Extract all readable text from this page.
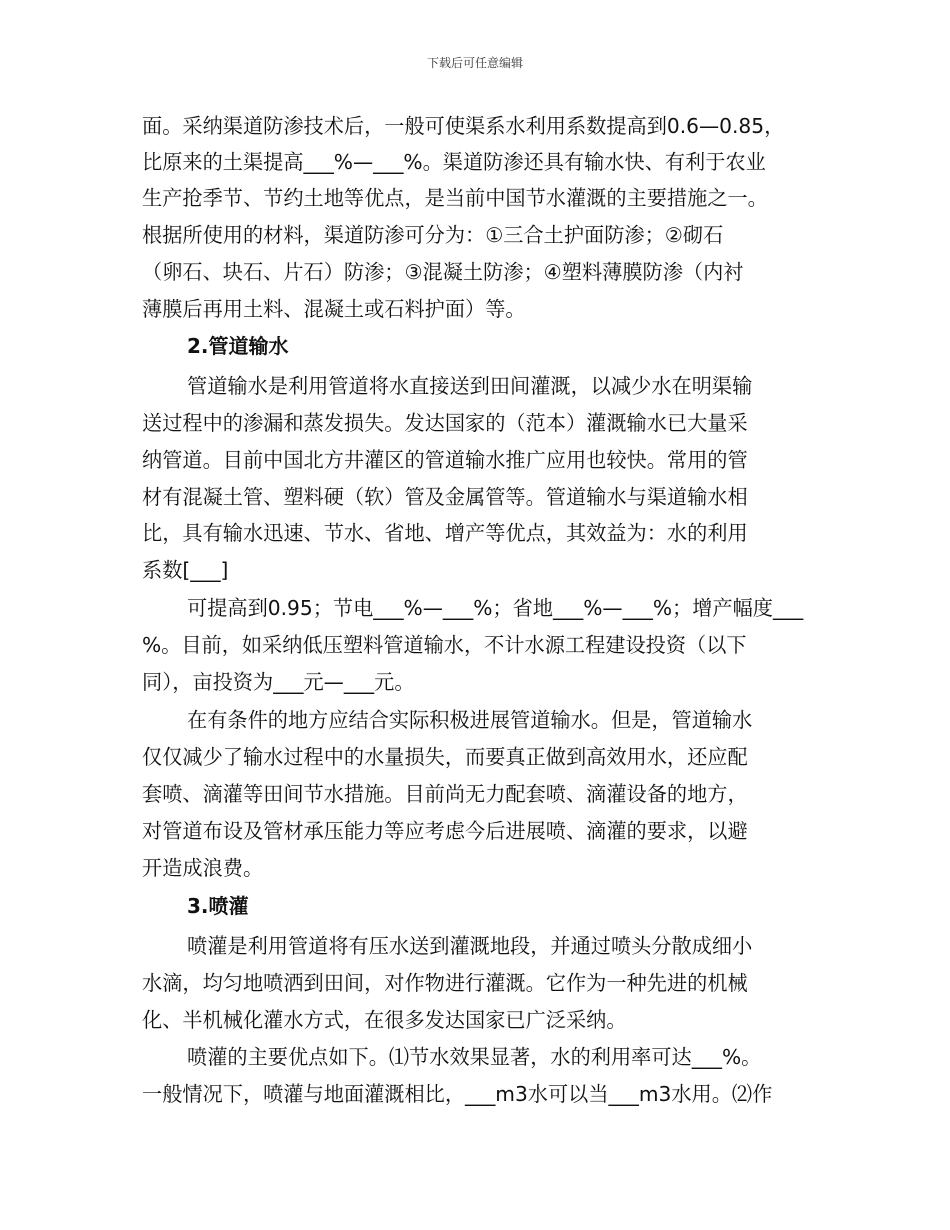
下载后可任意编辑
面。采纳渠道防渗技术后，一般可使渠系水利用系数提高到0.6—0.85，
比原来的土渠提高___%—___%。渠道防渗还具有输水快、有利于农业
生产抢季节、节约土地等优点，是当前中国节水灌溉的主要措施之一。
根据所使用的材料，渠道防渗可分为：①三合土护面防渗；②砌石
（卵石、块石、片石）防渗；③混凝土防渗；④塑料薄膜防渗（内衬
薄膜后再用土料、混凝土或石料护面）等。
2.管道输水
管道输水是利用管道将水直接送到田间灌溉，以减少水在明渠输
送过程中的渗漏和蒸发损失。发达国家的（范本）灌溉输水已大量采
纳管道。目前中国北方井灌区的管道输水推广应用也较快。常用的管
材有混凝土管、塑料硬（软）管及金属管等。管道输水与渠道输水相
比，具有输水迅速、节水、省地、增产等优点，其效益为：水的利用
系数[___]
可提高到0.95；节电___%—___%；省地___%—___%；增产幅度___
%。目前，如采纳低压塑料管道输水，不计水源工程建设投资（以下
同），亩投资为___元—___元。
在有条件的地方应结合实际积极进展管道输水。但是，管道输水
仅仅减少了输水过程中的水量损失，而要真正做到高效用水，还应配
套喷、滴灌等田间节水措施。目前尚无力配套喷、滴灌设备的地方，
对管道布设及管材承压能力等应考虑今后进展喷、滴灌的要求，以避
开造成浪费。
3.喷灌
喷灌是利用管道将有压水送到灌溉地段，并通过喷头分散成细小
水滴，均匀地喷洒到田间，对作物进行灌溉。它作为一种先进的机械
化、半机械化灌水方式，在很多发达国家已广泛采纳。
喷灌的主要优点如下。⑴节水效果显著，水的利用率可达___%。
一般情况下，喷灌与地面灌溉相比，___m3水可以当___m3水用。⑵作
